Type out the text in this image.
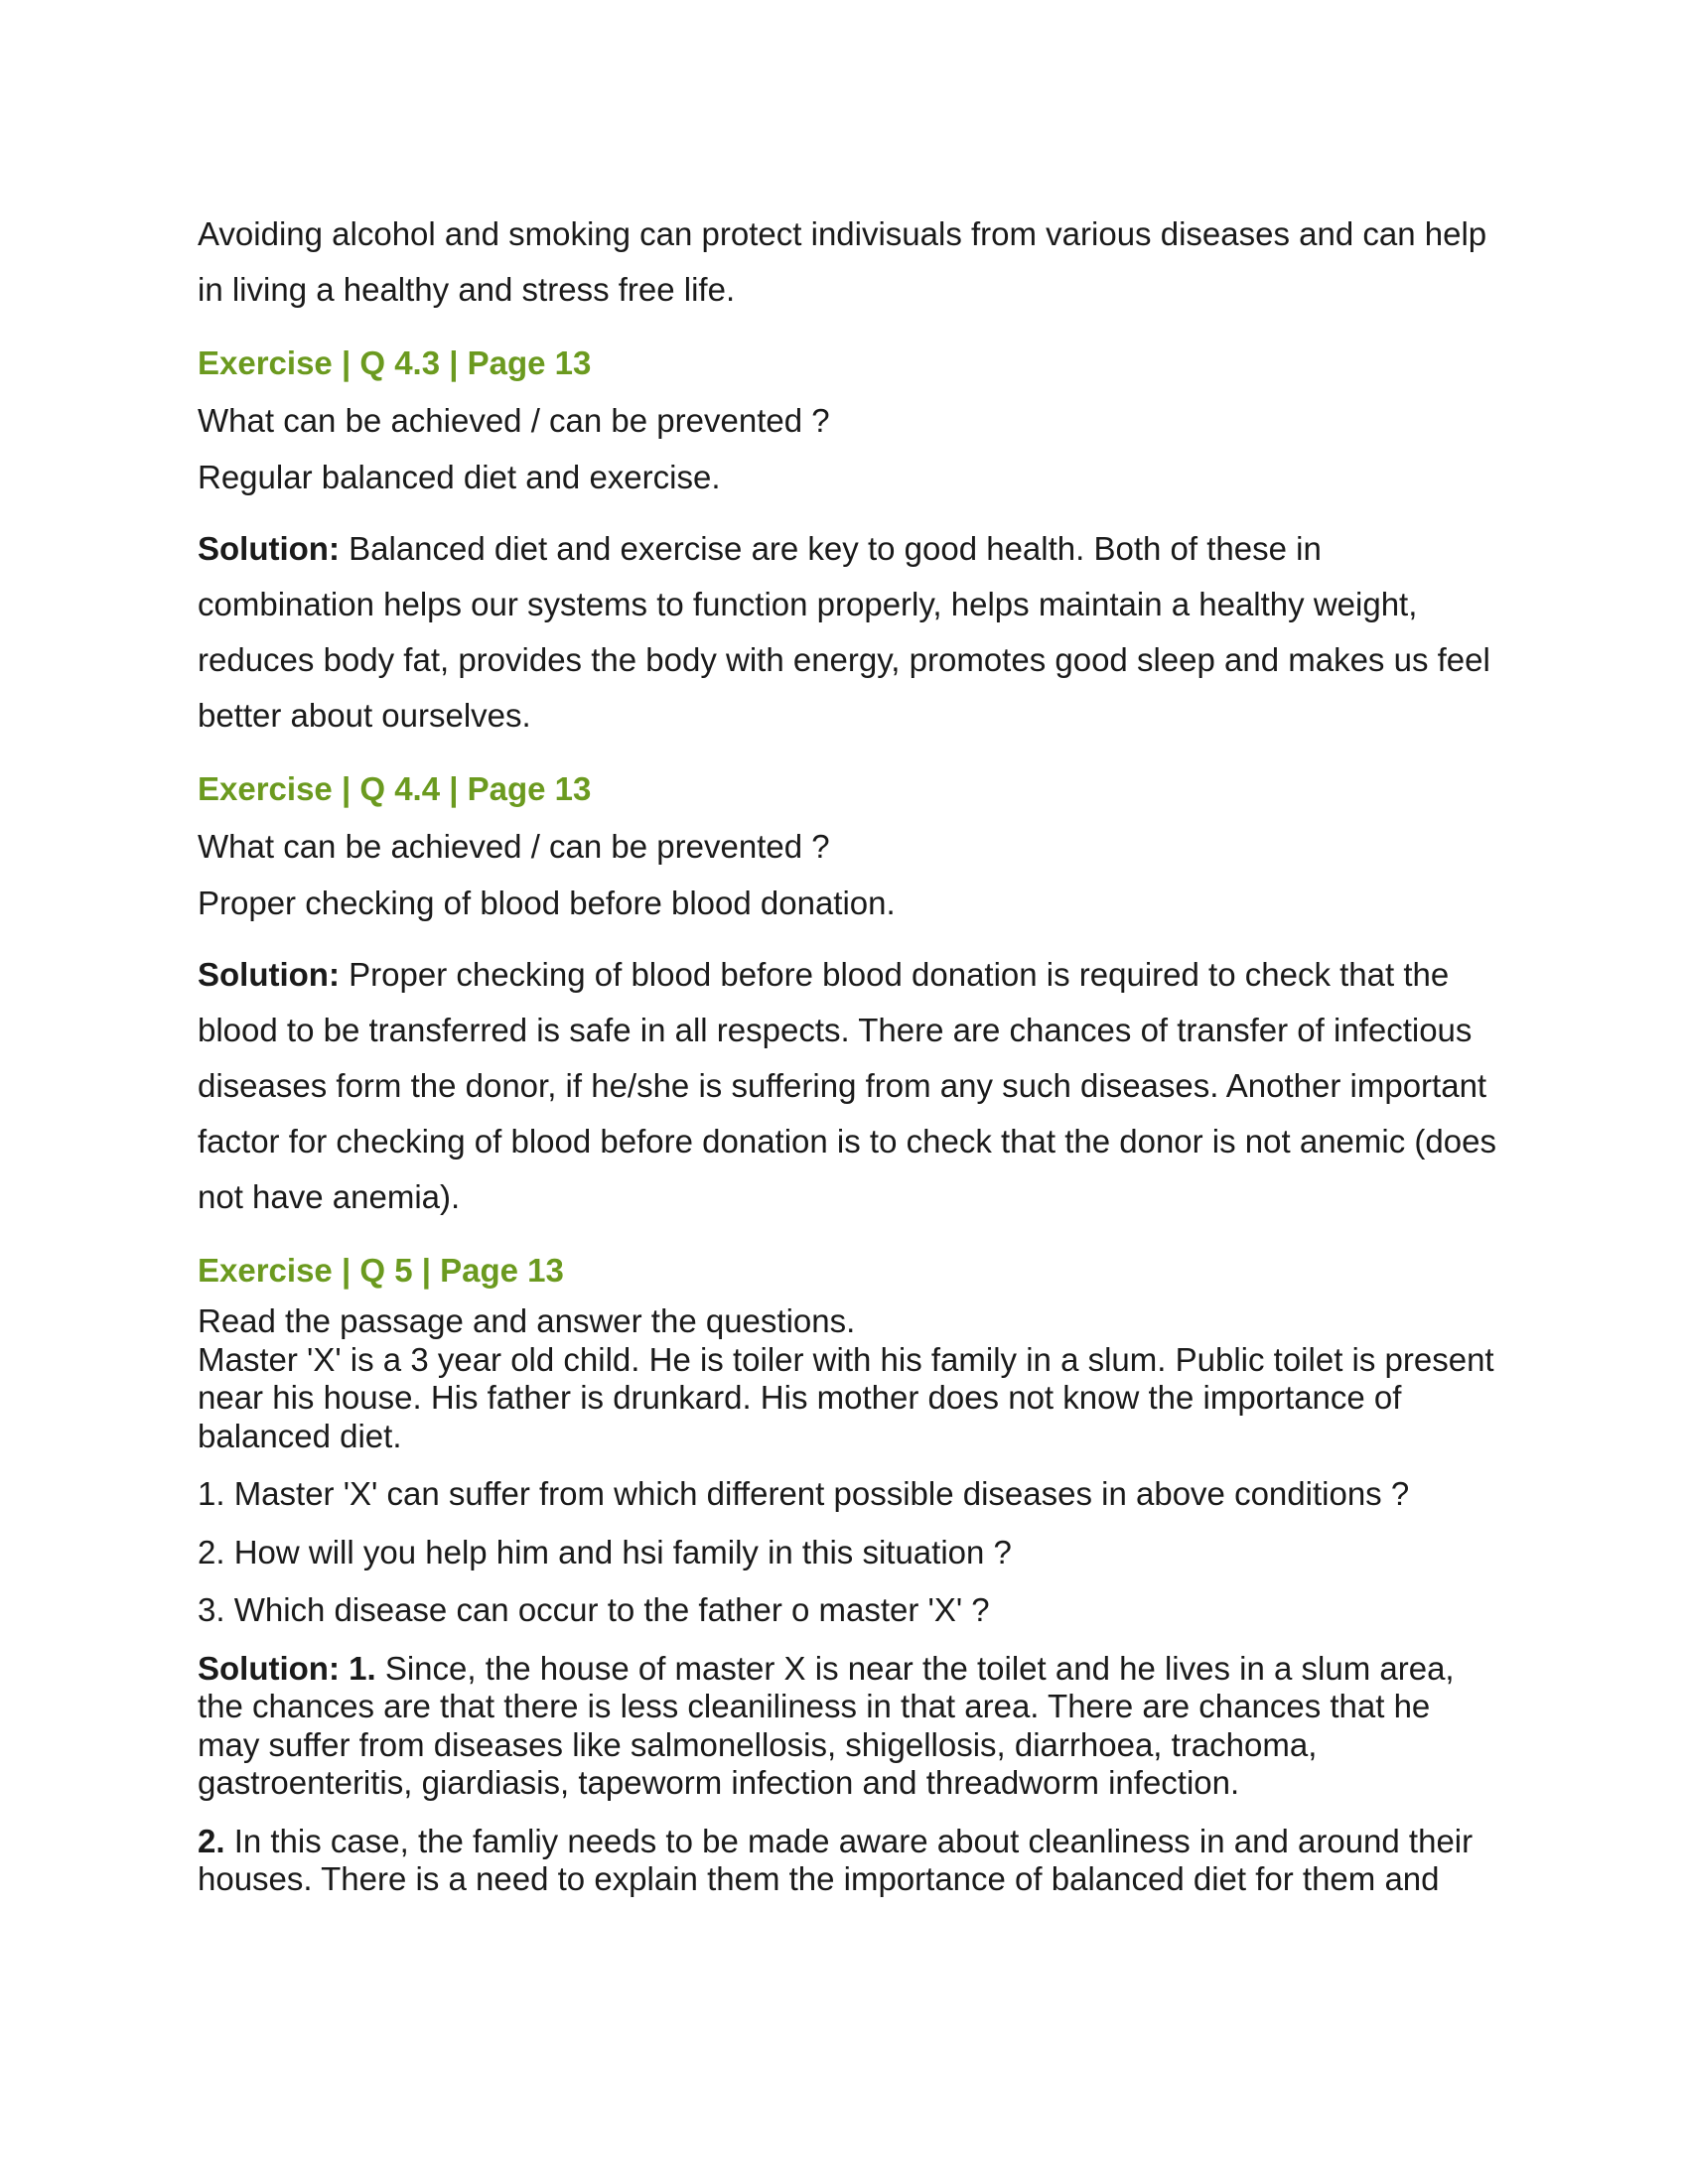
Avoiding alcohol and smoking can protect indivisuals from various diseases and can help in living a healthy and stress free life.

Exercise | Q 4.3 | Page 13

What can be achieved / can be prevented ?

Regular balanced diet and exercise.

Solution: Balanced diet and exercise are key to good health. Both of these in combination helps our systems to function properly, helps maintain a healthy weight, reduces body fat, provides the body with energy, promotes good sleep and makes us feel better about ourselves.

Exercise | Q 4.4 | Page 13

What can be achieved / can be prevented ?

Proper checking of blood before blood donation.

Solution: Proper checking of blood before blood donation is required to check that the blood to be transferred is safe in all respects. There are chances of transfer of infectious diseases form the donor, if he/she is suffering from any such diseases. Another important factor for checking of blood before donation is to check that the donor is not anemic (does not have anemia).

Exercise | Q 5 | Page 13

Read the passage and answer the questions.

Master 'X' is a 3 year old child. He is toiler with his family in a slum. Public toilet is present near his house. His father is drunkard. His mother does not know the importance of balanced diet.

1. Master 'X' can suffer from which different possible diseases in above conditions ?

2. How will you help him and hsi family in this situation ?

3. Which disease can occur to the father o master 'X' ?

Solution: 1. Since, the house of master X is near the toilet and he lives in a slum area, the chances are that there is less cleaniliness in that area. There are chances that he may suffer from diseases like salmonellosis, shigellosis, diarrhoea, trachoma, gastroenteritis, giardiasis, tapeworm infection and threadworm infection.

2. In this case, the famliy needs to be made aware about cleanliness in and around their houses. There is a need to explain them the importance of balanced diet for them and
